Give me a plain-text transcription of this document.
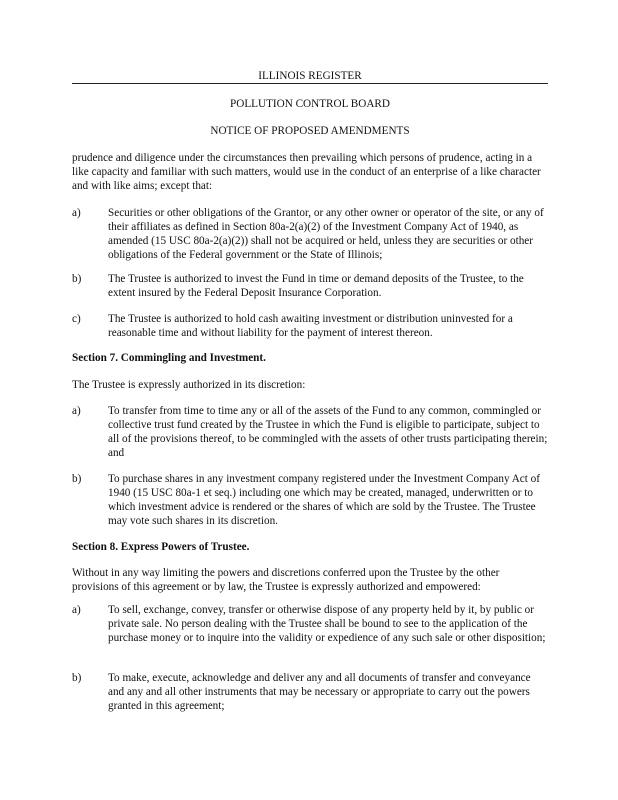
ILLINOIS REGISTER
POLLUTION CONTROL BOARD
NOTICE OF PROPOSED AMENDMENTS
prudence and diligence under the circumstances then prevailing which persons of prudence, acting in a like capacity and familiar with such matters, would use in the conduct of an enterprise of a like character and with like aims; except that:
a)	Securities or other obligations of the Grantor, or any other owner or operator of the site, or any of their affiliates as defined in Section 80a-2(a)(2) of the Investment Company Act of 1940, as amended (15 USC 80a-2(a)(2)) shall not be acquired or held, unless they are securities or other obligations of the Federal government or the State of Illinois;
b)	The Trustee is authorized to invest the Fund in time or demand deposits of the Trustee, to the extent insured by the Federal Deposit Insurance Corporation.
c)	The Trustee is authorized to hold cash awaiting investment or distribution uninvested for a reasonable time and without liability for the payment of interest thereon.
Section 7. Commingling and Investment.
The Trustee is expressly authorized in its discretion:
a)	To transfer from time to time any or all of the assets of the Fund to any common, commingled or collective trust fund created by the Trustee in which the Fund is eligible to participate, subject to all of the provisions thereof, to be commingled with the assets of other trusts participating therein; and
b)	To purchase shares in any investment company registered under the Investment Company Act of 1940 (15 USC 80a-1 et seq.) including one which may be created, managed, underwritten or to which investment advice is rendered or the shares of which are sold by the Trustee. The Trustee may vote such shares in its discretion.
Section 8. Express Powers of Trustee.
Without in any way limiting the powers and discretions conferred upon the Trustee by the other provisions of this agreement or by law, the Trustee is expressly authorized and empowered:
a)	To sell, exchange, convey, transfer or otherwise dispose of any property held by it, by public or private sale. No person dealing with the Trustee shall be bound to see to the application of the purchase money or to inquire into the validity or expedience of any such sale or other disposition;
b)	To make, execute, acknowledge and deliver any and all documents of transfer and conveyance and any and all other instruments that may be necessary or appropriate to carry out the powers granted in this agreement;
